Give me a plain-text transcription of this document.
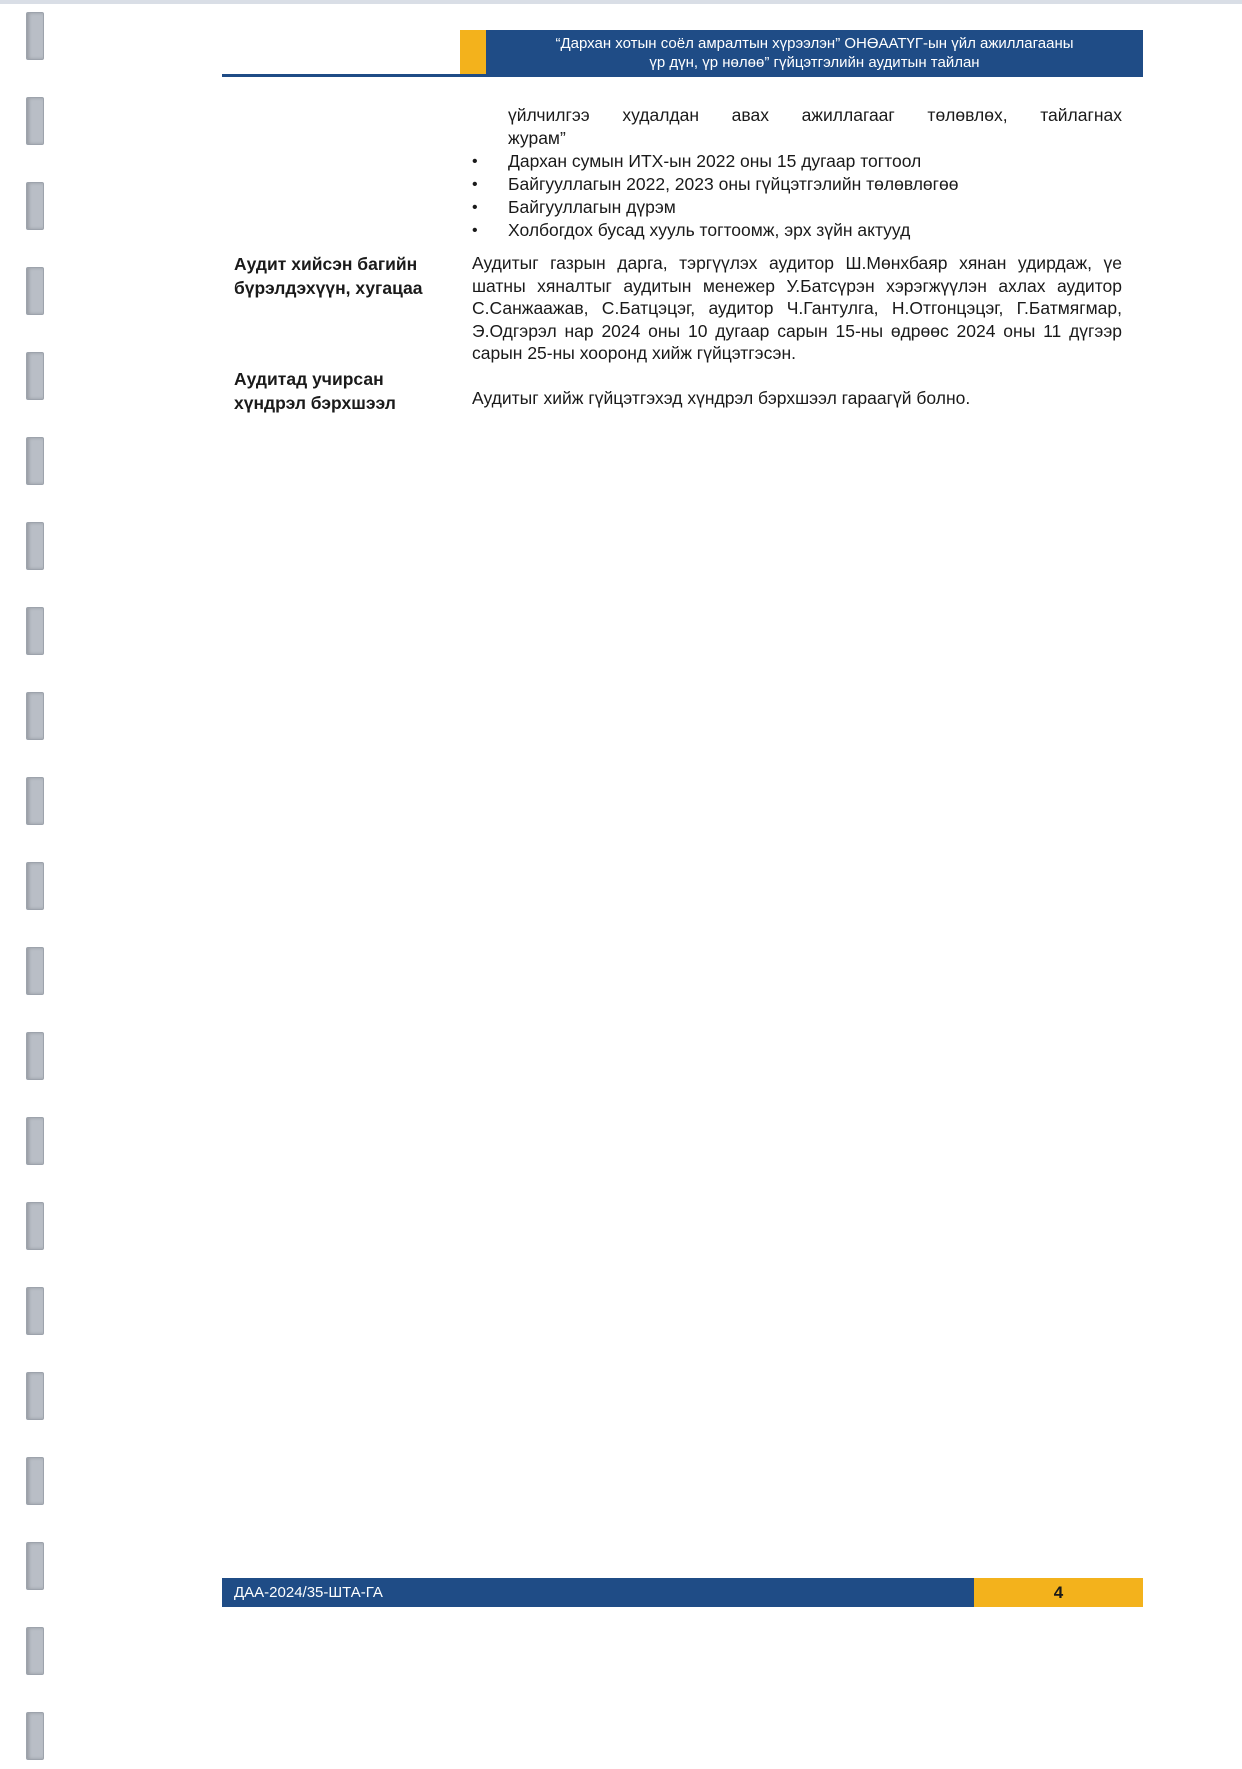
“Дархан хотын соёл амралтын хүрээлэн” ОНӨААТҮГ-ын үйл ажиллагааны
үр дүн, үр нөлөө” гүйцэтгэлийн аудитын тайлан
үйлчилгээ худалдан авах ажиллагааг төлөвлөх, тайлагнах
журам”
• Дархан сумын ИТХ-ын 2022 оны 15 дугаар тогтоол
• Байгууллагын 2022, 2023 оны гүйцэтгэлийн төлөвлөгөө
• Байгууллагын дүрэм
• Холбогдох бусад хууль тогтоомж, эрх зүйн актууд
Аудит хийсэн багийн
бүрэлдэхүүн, хугацаа
Аудитыг газрын дарга, тэргүүлэх аудитор Ш.Мөнхбаяр хянан удирдаж, үе шатны хяналтыг аудитын менежер У.Батсүрэн хэрэгжүүлэн ахлах аудитор С.Санжаажав, С.Батцэцэг, аудитор Ч.Гантулга, Н.Отгонцэцэг, Г.Батмягмар, Э.Одгэрэл нар 2024 оны 10 дугаар сарын 15-ны өдрөөс 2024 оны 11 дүгээр сарын 25-ны хооронд хийж гүйцэтгэсэн.
Аудитад учирсан
хүндрэл бэрхшээл	Аудитыг хийж гүйцэтгэхэд хүндрэл бэрхшээл гараагүй болно.
ДАА-2024/35-ШТА-ГА	4
